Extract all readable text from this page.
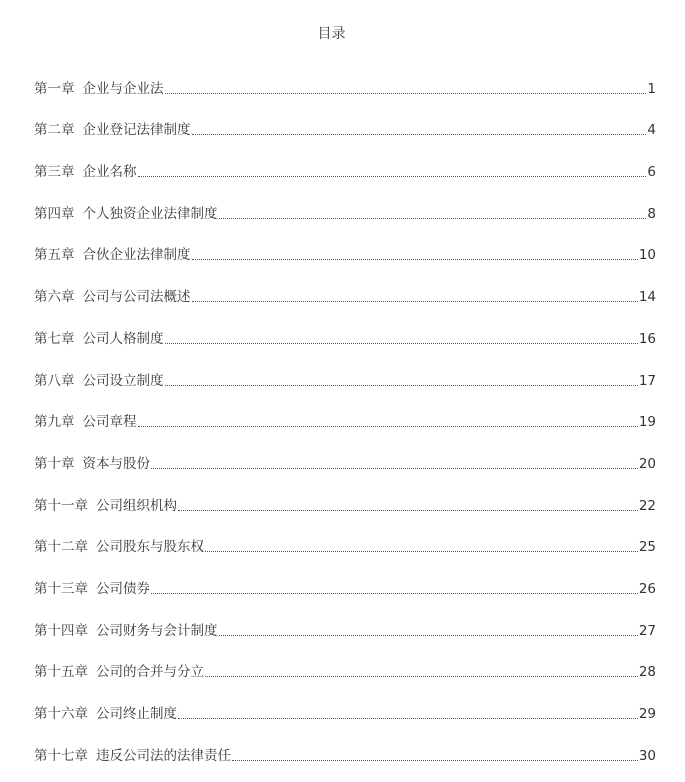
目录
第一章 企业与企业法	1
第二章 企业登记法律制度	4
第三章 企业名称	6
第四章 个人独资企业法律制度	8
第五章 合伙企业法律制度	10
第六章 公司与公司法概述	14
第七章 公司人格制度	16
第八章 公司设立制度	17
第九章 公司章程	19
第十章 资本与股份	20
第十一章 公司组织机构	22
第十二章 公司股东与股东权	25
第十三章 公司债券	26
第十四章 公司财务与会计制度	27
第十五章 公司的合并与分立	28
第十六章 公司终止制度	29
第十七章 违反公司法的法律责任	30
